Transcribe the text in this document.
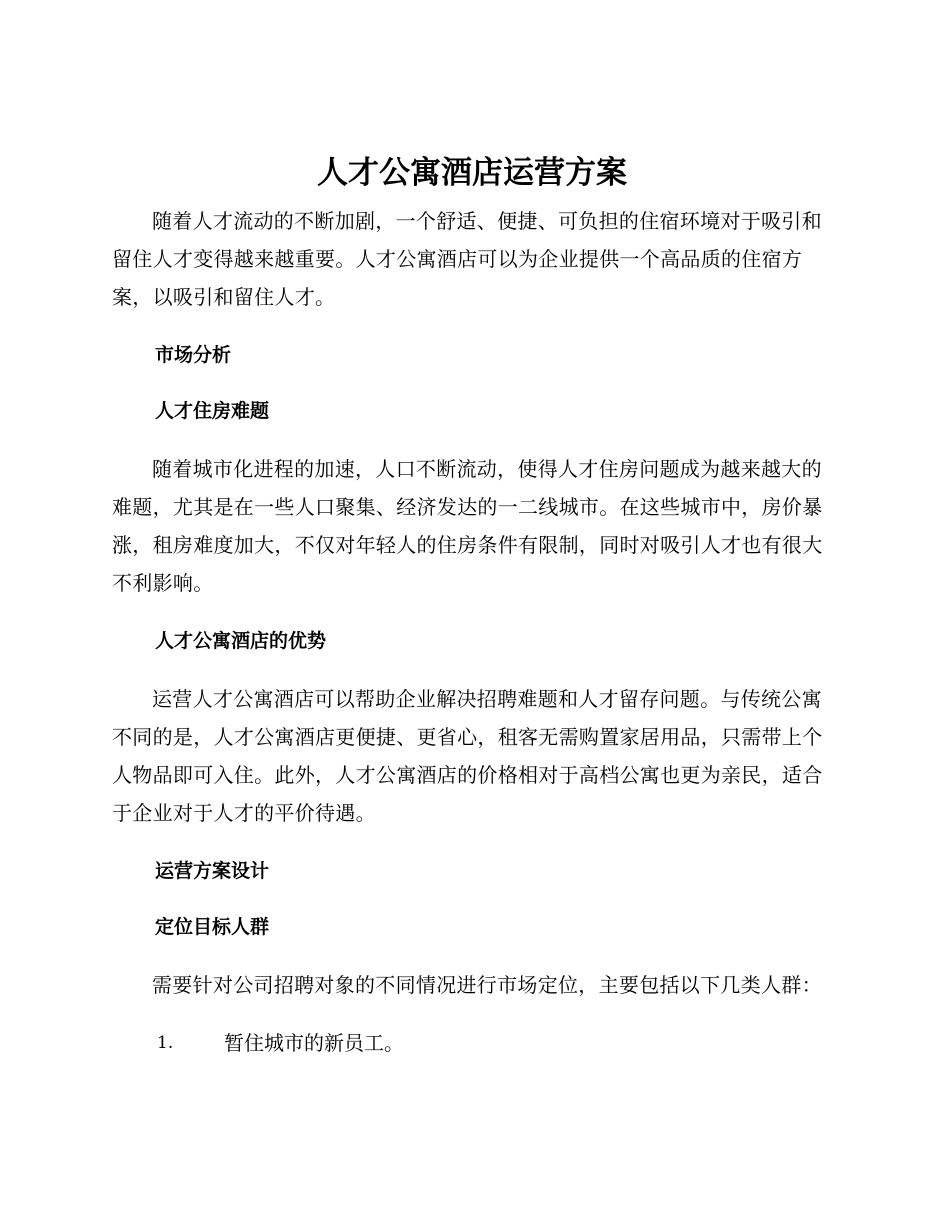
人才公寓酒店运营方案

随着人才流动的不断加剧，一个舒适、便捷、可负担的住宿环境对于吸引和留住人才变得越来越重要。人才公寓酒店可以为企业提供一个高品质的住宿方案，以吸引和留住人才。

市场分析
人才住房难题

随着城市化进程的加速，人口不断流动，使得人才住房问题成为越来越大的难题，尤其是在一些人口聚集、经济发达的一二线城市。在这些城市中，房价暴涨，租房难度加大，不仅对年轻人的住房条件有限制，同时对吸引人才也有很大不利影响。

人才公寓酒店的优势

运营人才公寓酒店可以帮助企业解决招聘难题和人才留存问题。与传统公寓不同的是，人才公寓酒店更便捷、更省心，租客无需购置家居用品，只需带上个人物品即可入住。此外，人才公寓酒店的价格相对于高档公寓也更为亲民，适合于企业对于人才的平价待遇。

运营方案设计
定位目标人群

需要针对公司招聘对象的不同情况进行市场定位，主要包括以下几类人群：

1.	暂住城市的新员工。
